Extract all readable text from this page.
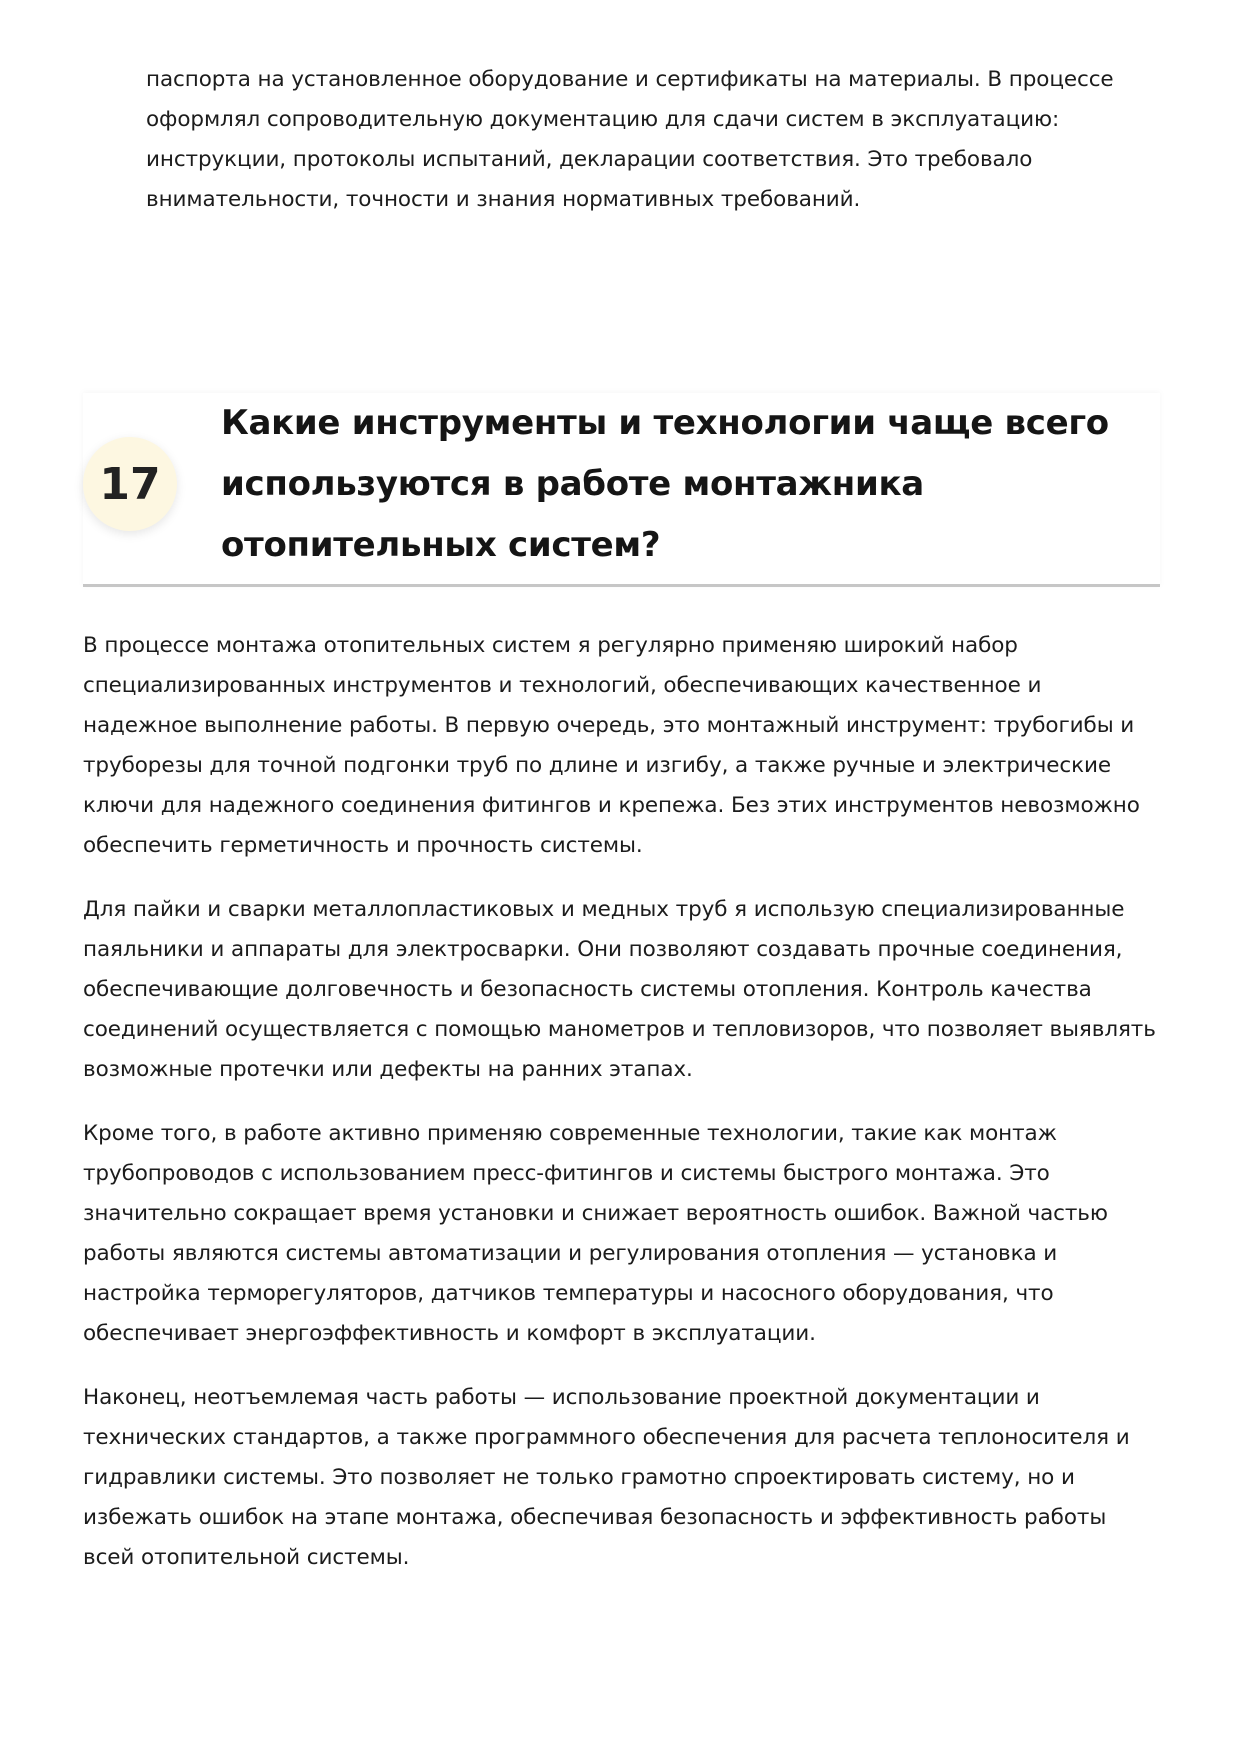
паспорта на установленное оборудование и сертификаты на материалы. В процессе оформлял сопроводительную документацию для сдачи систем в эксплуатацию: инструкции, протоколы испытаний, декларации соответствия. Это требовало внимательности, точности и знания нормативных требований.

17
Какие инструменты и технологии чаще всего используются в работе монтажника отопительных систем?

В процессе монтажа отопительных систем я регулярно применяю широкий набор специализированных инструментов и технологий, обеспечивающих качественное и надежное выполнение работы. В первую очередь, это монтажный инструмент: трубогибы и труборезы для точной подгонки труб по длине и изгибу, а также ручные и электрические ключи для надежного соединения фитингов и крепежа. Без этих инструментов невозможно обеспечить герметичность и прочность системы.

Для пайки и сварки металлопластиковых и медных труб я использую специализированные паяльники и аппараты для электросварки. Они позволяют создавать прочные соединения, обеспечивающие долговечность и безопасность системы отопления. Контроль качества соединений осуществляется с помощью манометров и тепловизоров, что позволяет выявлять возможные протечки или дефекты на ранних этапах.

Кроме того, в работе активно применяю современные технологии, такие как монтаж трубопроводов с использованием пресс-фитингов и системы быстрого монтажа. Это значительно сокращает время установки и снижает вероятность ошибок. Важной частью работы являются системы автоматизации и регулирования отопления — установка и настройка терморегуляторов, датчиков температуры и насосного оборудования, что обеспечивает энергоэффективность и комфорт в эксплуатации.

Наконец, неотъемлемая часть работы — использование проектной документации и технических стандартов, а также программного обеспечения для расчета теплоносителя и гидравлики системы. Это позволяет не только грамотно спроектировать систему, но и избежать ошибок на этапе монтажа, обеспечивая безопасность и эффективность работы всей отопительной системы.
